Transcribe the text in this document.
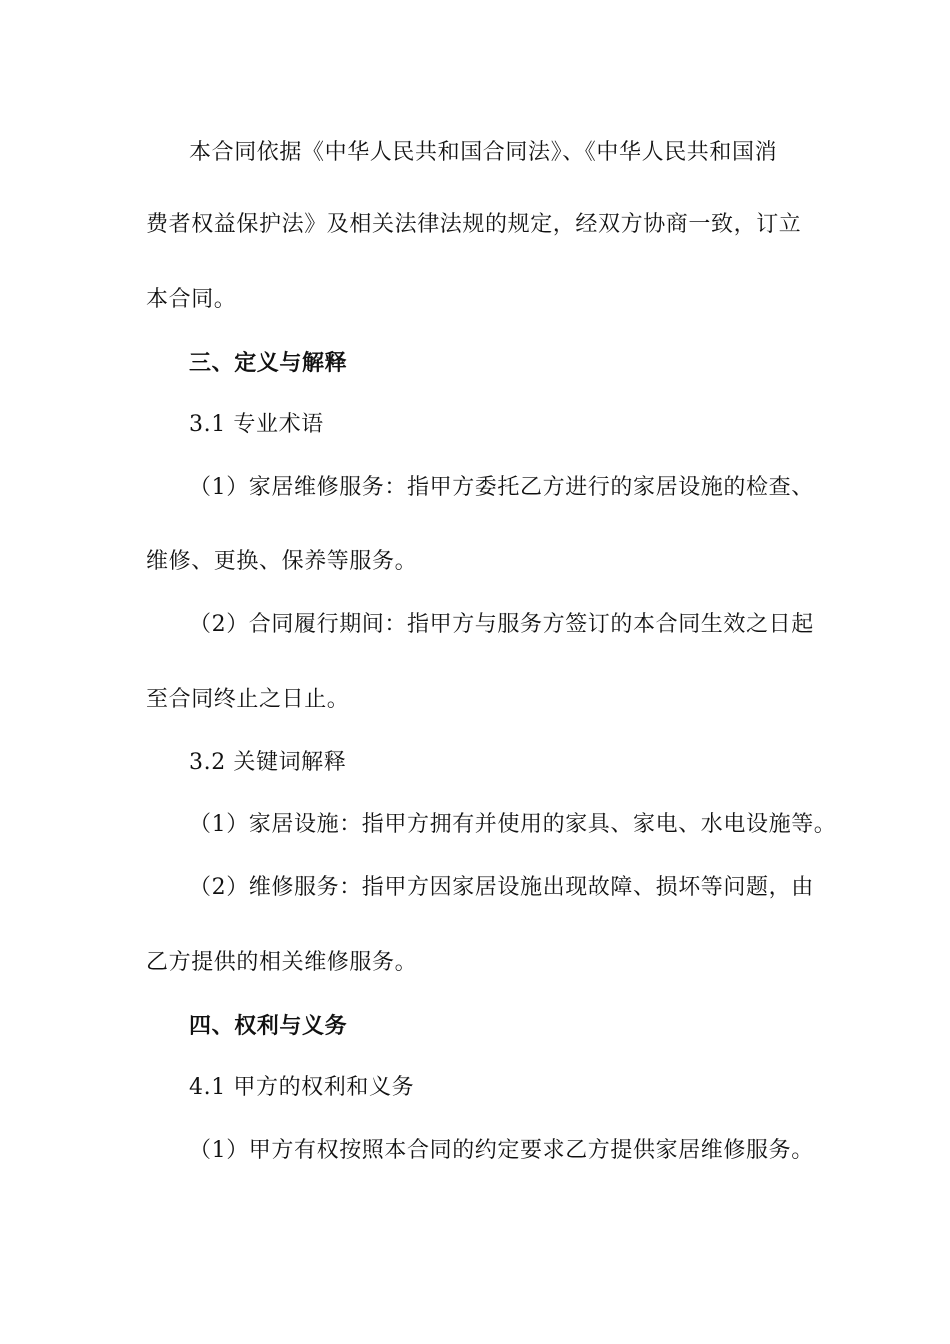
本合同依据《中华人民共和国合同法》、《中华人民共和国消
费者权益保护法》及相关法律法规的规定，经双方协商一致，订立
本合同。
三、定义与解释
3.1 专业术语
（1）家居维修服务：指甲方委托乙方进行的家居设施的检查、
维修、更换、保养等服务。
（2）合同履行期间：指甲方与服务方签订的本合同生效之日起
至合同终止之日止。
3.2 关键词解释
（1）家居设施：指甲方拥有并使用的家具、家电、水电设施等。
（2）维修服务：指甲方因家居设施出现故障、损坏等问题，由
乙方提供的相关维修服务。
四、权利与义务
4.1 甲方的权利和义务
（1）甲方有权按照本合同的约定要求乙方提供家居维修服务。
